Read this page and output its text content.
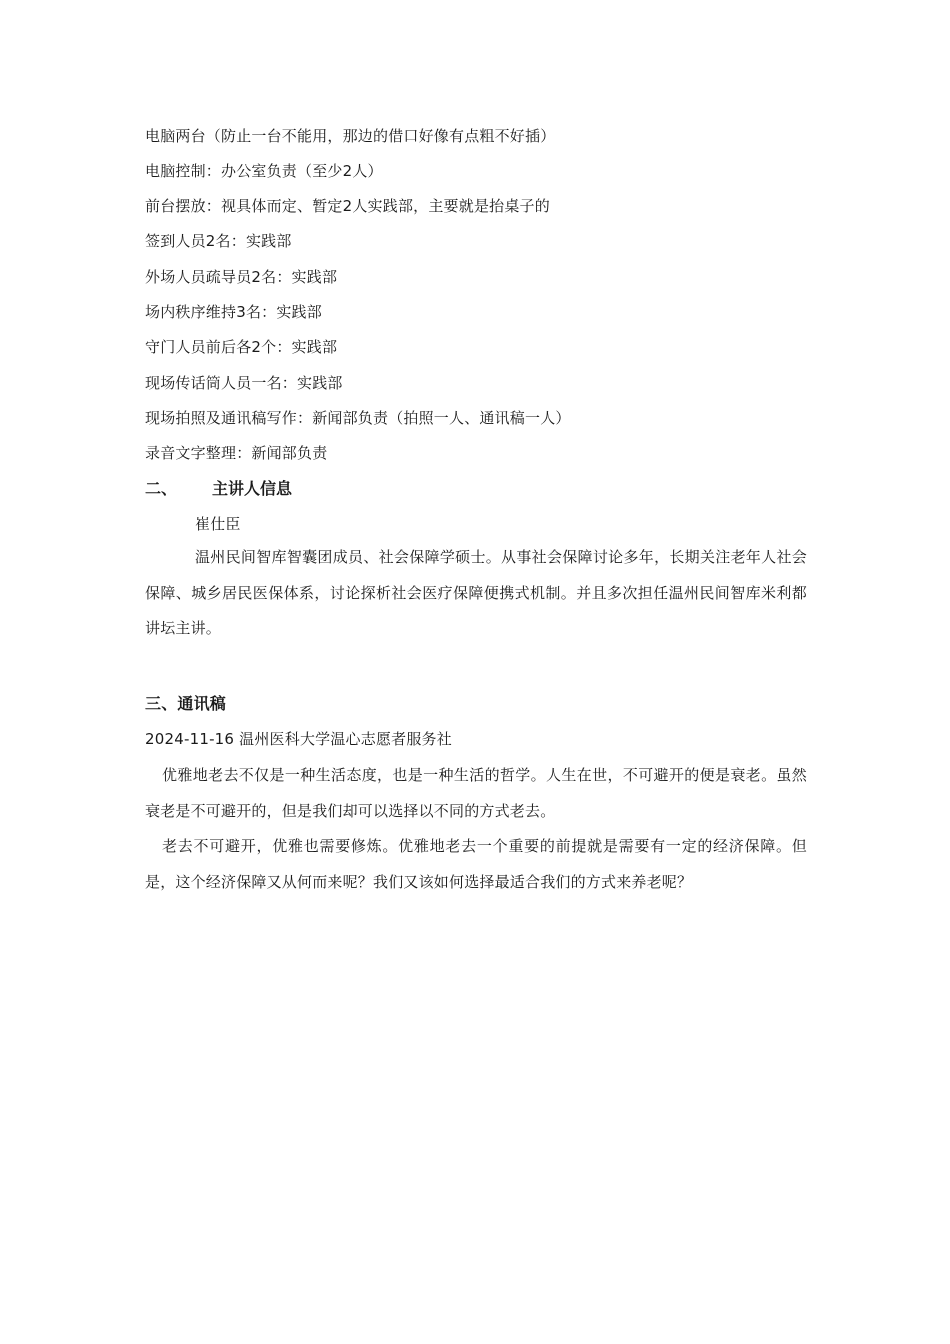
电脑两台（防止一台不能用，那边的借口好像有点粗不好插）
电脑控制：办公室负责（至少2人）
前台摆放：视具体而定、暂定2人实践部，主要就是抬桌子的
签到人员2名：实践部
外场人员疏导员2名：实践部
场内秩序维持3名：实践部
守门人员前后各2个：实践部
现场传话筒人员一名：实践部
现场拍照及通讯稿写作：新闻部负责（拍照一人、通讯稿一人）
录音文字整理：新闻部负责
二、 主讲人信息
崔仕臣
温州民间智库智囊团成员、社会保障学硕士。从事社会保障讨论多年，长期关注老年人社会保障、城乡居民医保体系，讨论探析社会医疗保障便携式机制。并且多次担任温州民间智库米利都讲坛主讲。
三、通讯稿
2024-11-16 温州医科大学温心志愿者服务社
优雅地老去不仅是一种生活态度，也是一种生活的哲学。人生在世，不可避开的便是衰老。虽然衰老是不可避开的，但是我们却可以选择以不同的方式老去。
老去不可避开，优雅也需要修炼。优雅地老去一个重要的前提就是需要有一定的经济保障。但是，这个经济保障又从何而来呢？我们又该如何选择最适合我们的方式来养老呢？
